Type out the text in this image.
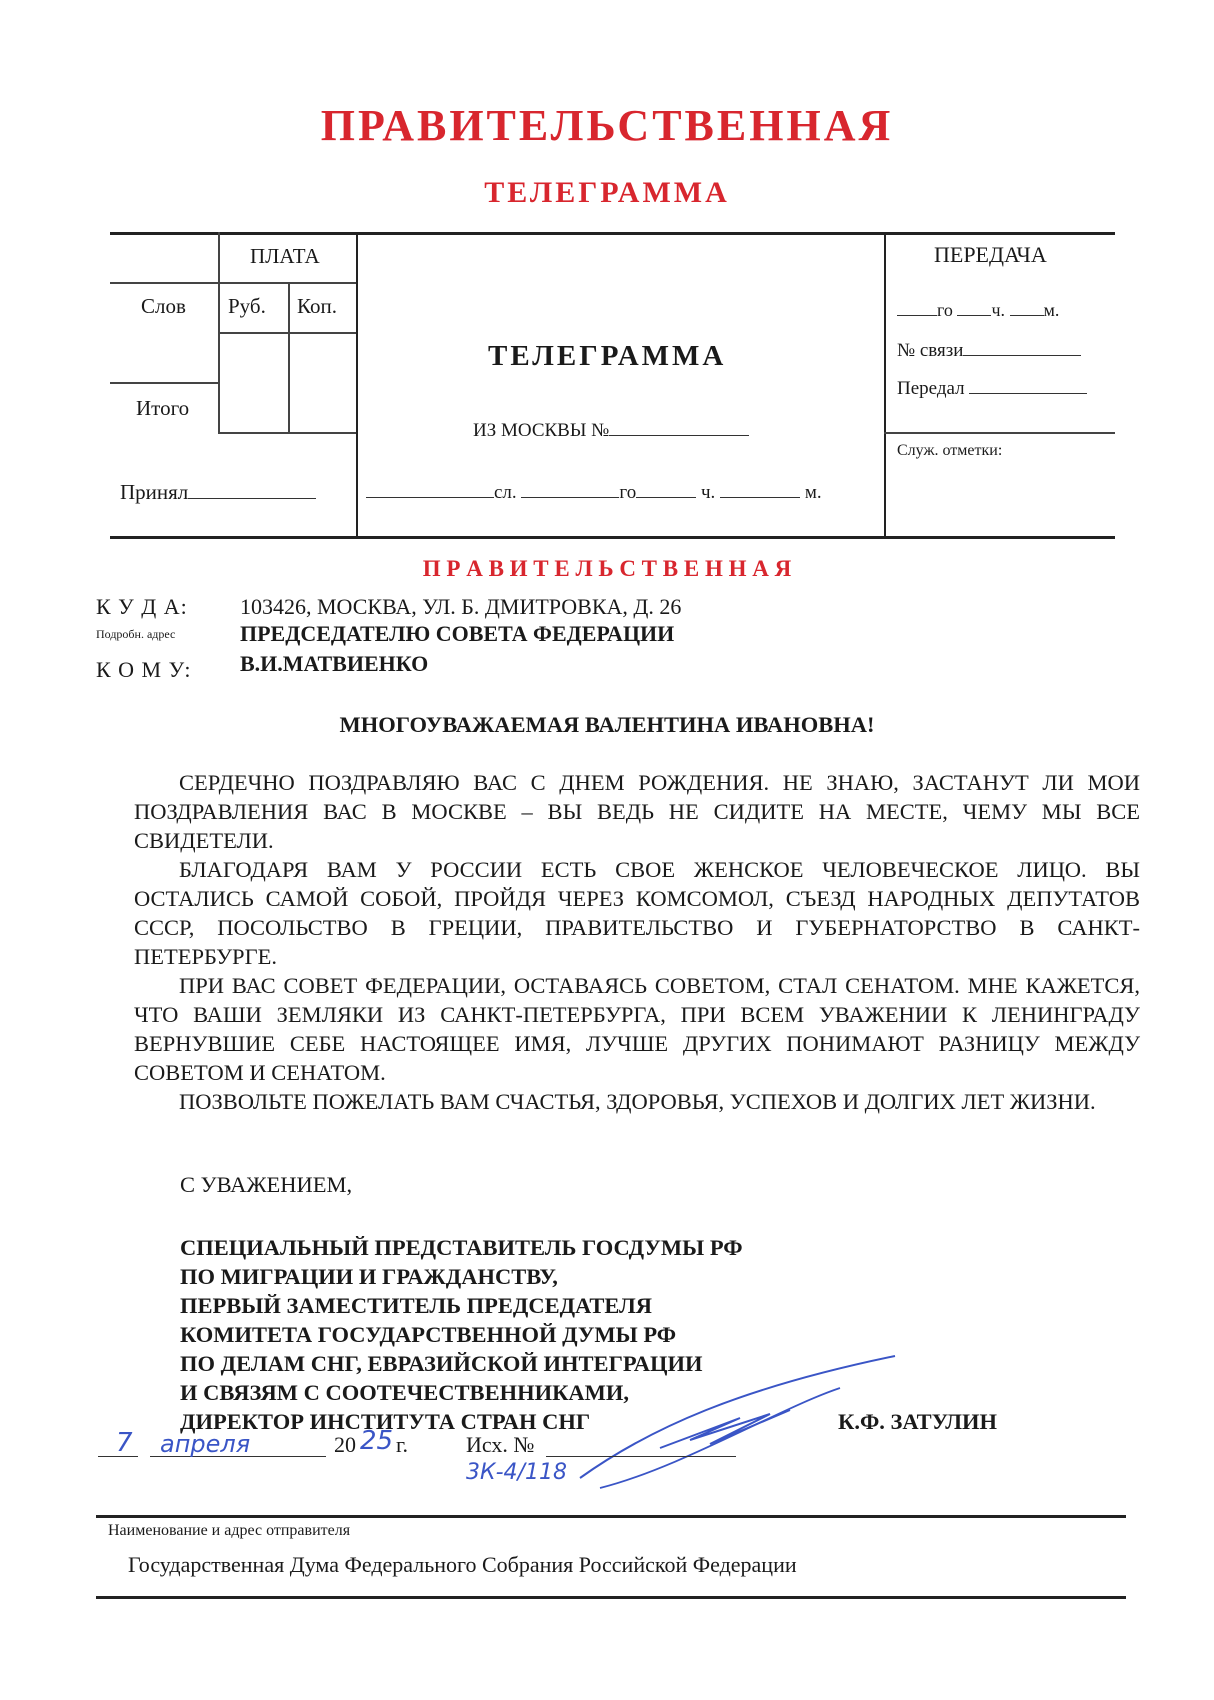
ПРАВИТЕЛЬСТВЕННАЯ
ТЕЛЕГРАММА
ПЛАТА
Слов Руб. Коп.
Итого
Принял
ТЕЛЕГРАММА
ИЗ МОСКВЫ №
сл.	го	ч.	м.
ПЕРЕДАЧА
го ч. м.
№ связи
Передал
Служ. отметки:
П Р А В И Т Е Л Ь С Т В Е Н Н А Я
К У Д А: 103426, МОСКВА, УЛ. Б. ДМИТРОВКА, Д. 26
Подробн. адрес	ПРЕДСЕДАТЕЛЮ СОВЕТА ФЕДЕРАЦИИ
К О М У: В.И.МАТВИЕНКО
МНОГОУВАЖАЕМАЯ ВАЛЕНТИНА ИВАНОВНА!

СЕРДЕЧНО ПОЗДРАВЛЯЮ ВАС С ДНЕМ РОЖДЕНИЯ. НЕ ЗНАЮ, ЗАСТАНУТ ЛИ МОИ ПОЗДРАВЛЕНИЯ ВАС В МОСКВЕ – ВЫ ВЕДЬ НЕ СИДИТЕ НА МЕСТЕ, ЧЕМУ МЫ ВСЕ СВИДЕТЕЛИ.

БЛАГОДАРЯ ВАМ У РОССИИ ЕСТЬ СВОЕ ЖЕНСКОЕ ЧЕЛОВЕЧЕСКОЕ ЛИЦО. ВЫ ОСТАЛИСЬ САМОЙ СОБОЙ, ПРОЙДЯ ЧЕРЕЗ КОМСОМОЛ, СЪЕЗД НАРОДНЫХ ДЕПУТАТОВ СССР, ПОСОЛЬСТВО В ГРЕЦИИ, ПРАВИТЕЛЬСТВО И ГУБЕРНАТОРСТВО В САНКТ-ПЕТЕРБУРГЕ.

ПРИ ВАС СОВЕТ ФЕДЕРАЦИИ, ОСТАВАЯСЬ СОВЕТОМ, СТАЛ СЕНАТОМ. МНЕ КАЖЕТСЯ, ЧТО ВАШИ ЗЕМЛЯКИ ИЗ САНКТ-ПЕТЕРБУРГА, ПРИ ВСЕМ УВАЖЕНИИ К ЛЕНИНГРАДУ ВЕРНУВШИЕ СЕБЕ НАСТОЯЩЕЕ ИМЯ, ЛУЧШЕ ДРУГИХ ПОНИМАЮТ РАЗНИЦУ МЕЖДУ СОВЕТОМ И СЕНАТОМ.

ПОЗВОЛЬТЕ ПОЖЕЛАТЬ ВАМ СЧАСТЬЯ, ЗДОРОВЬЯ, УСПЕХОВ И ДОЛГИХ ЛЕТ ЖИЗНИ.

С УВАЖЕНИЕМ,
СПЕЦИАЛЬНЫЙ ПРЕДСТАВИТЕЛЬ ГОСДУМЫ РФ
ПО МИГРАЦИИ И ГРАЖДАНСТВУ,
ПЕРВЫЙ ЗАМЕСТИТЕЛЬ ПРЕДСЕДАТЕЛЯ
КОМИТЕТА ГОСУДАРСТВЕННОЙ ДУМЫ РФ
ПО ДЕЛАМ СНГ, ЕВРАЗИЙСКОЙ ИНТЕГРАЦИИ
И СВЯЗЯМ С СООТЕЧЕСТВЕННИКАМИ,
ДИРЕКТОР ИНСТИТУТА СТРАН СНГ	К.Ф. ЗАТУЛИН
7 апреля	20 25 г.	Исх. №
3К-4/118
Наименование и адрес отправителя
Государственная Дума Федерального Собрания Российской Федерации
